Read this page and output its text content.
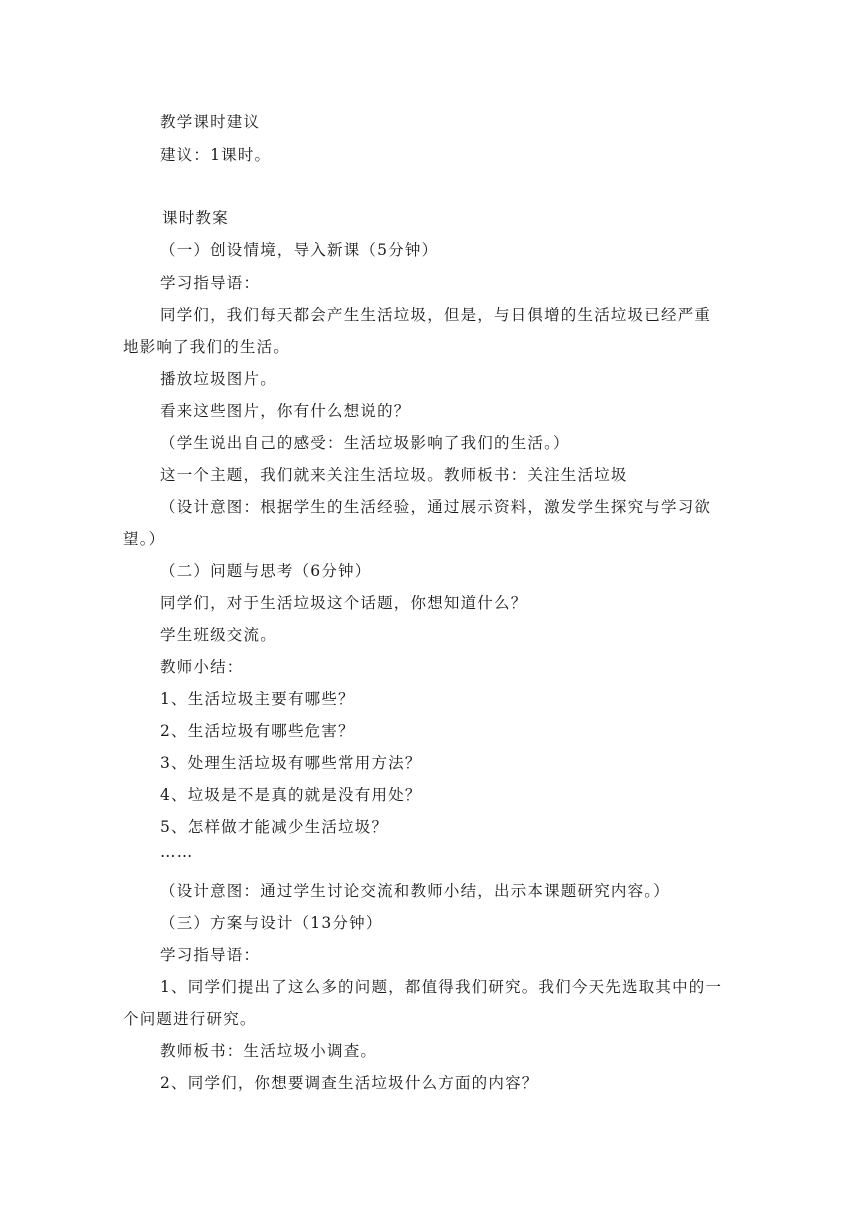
教学课时建议
建议：1课时。
课时教案
（一）创设情境，导入新课（5分钟）
学习指导语：
同学们，我们每天都会产生生活垃圾，但是，与日俱增的生活垃圾已经严重
地影响了我们的生活。
播放垃圾图片。
看来这些图片，你有什么想说的？
（学生说出自己的感受：生活垃圾影响了我们的生活。）
这一个主题，我们就来关注生活垃圾。教师板书：关注生活垃圾
（设计意图：根据学生的生活经验，通过展示资料，激发学生探究与学习欲
望。）
（二）问题与思考（6分钟）
同学们，对于生活垃圾这个话题，你想知道什么？
学生班级交流。
教师小结：
1、生活垃圾主要有哪些？
2、生活垃圾有哪些危害？
3、处理生活垃圾有哪些常用方法？
4、垃圾是不是真的就是没有用处？
5、怎样做才能减少生活垃圾？
……
（设计意图：通过学生讨论交流和教师小结，出示本课题研究内容。）
（三）方案与设计（13分钟）
学习指导语：
1、同学们提出了这么多的问题，都值得我们研究。我们今天先选取其中的一
个问题进行研究。
教师板书：生活垃圾小调查。
2、同学们，你想要调查生活垃圾什么方面的内容？
